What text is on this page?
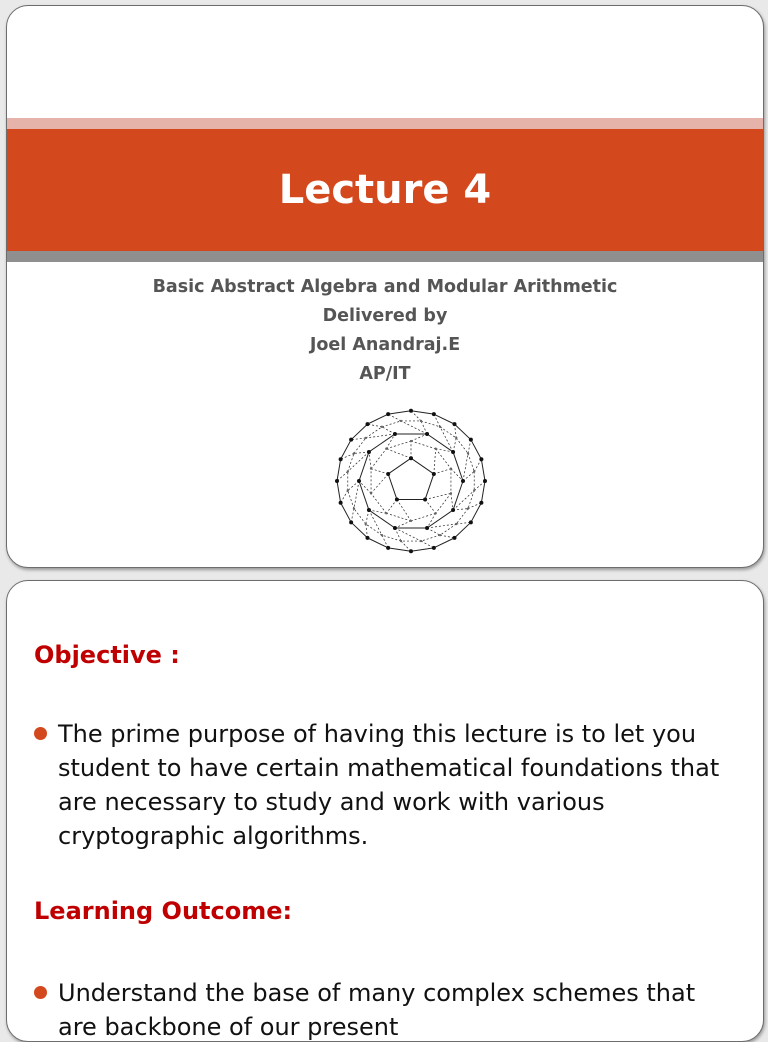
Lecture 4
Basic Abstract Algebra and Modular Arithmetic
Delivered by
Joel Anandraj.E
AP/IT
Objective :
The prime purpose of having this lecture is to let you student to have certain mathematical foundations that are necessary to study and work with various cryptographic algorithms.
Learning Outcome:
Understand the base of many complex schemes that are backbone of our present
